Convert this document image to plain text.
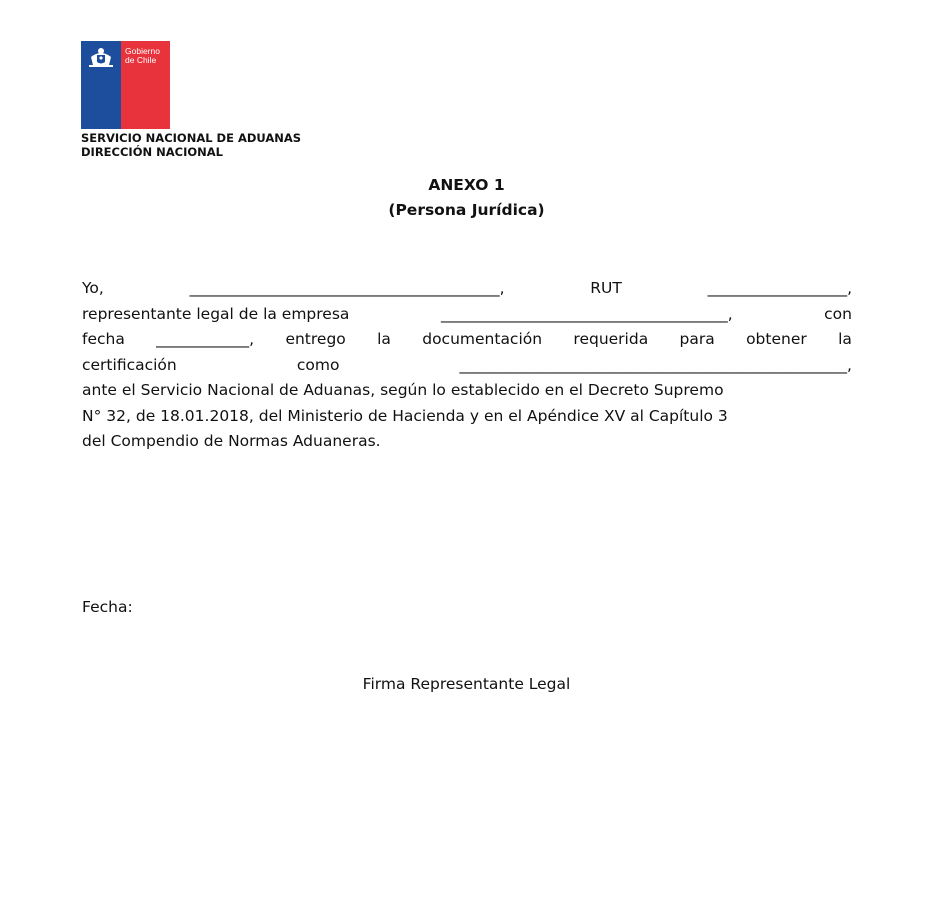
Gobierno
de Chile
SERVICIO NACIONAL DE ADUANAS
DIRECCIÓN NACIONAL
ANEXO 1
(Persona Jurídica)
Yo,	________________________________________,	RUT	__________________,
representante legal de la empresa	_____________________________________,	con
fecha ____________, entrego la documentación requerida para obtener la
certificación	como	__________________________________________________,
ante el Servicio Nacional de Aduanas, según lo establecido en el Decreto Supremo
N° 32, de 18.01.2018, del Ministerio de Hacienda y en el Apéndice XV al Capítulo 3
del Compendio de Normas Aduaneras.
Fecha:
Firma Representante Legal
